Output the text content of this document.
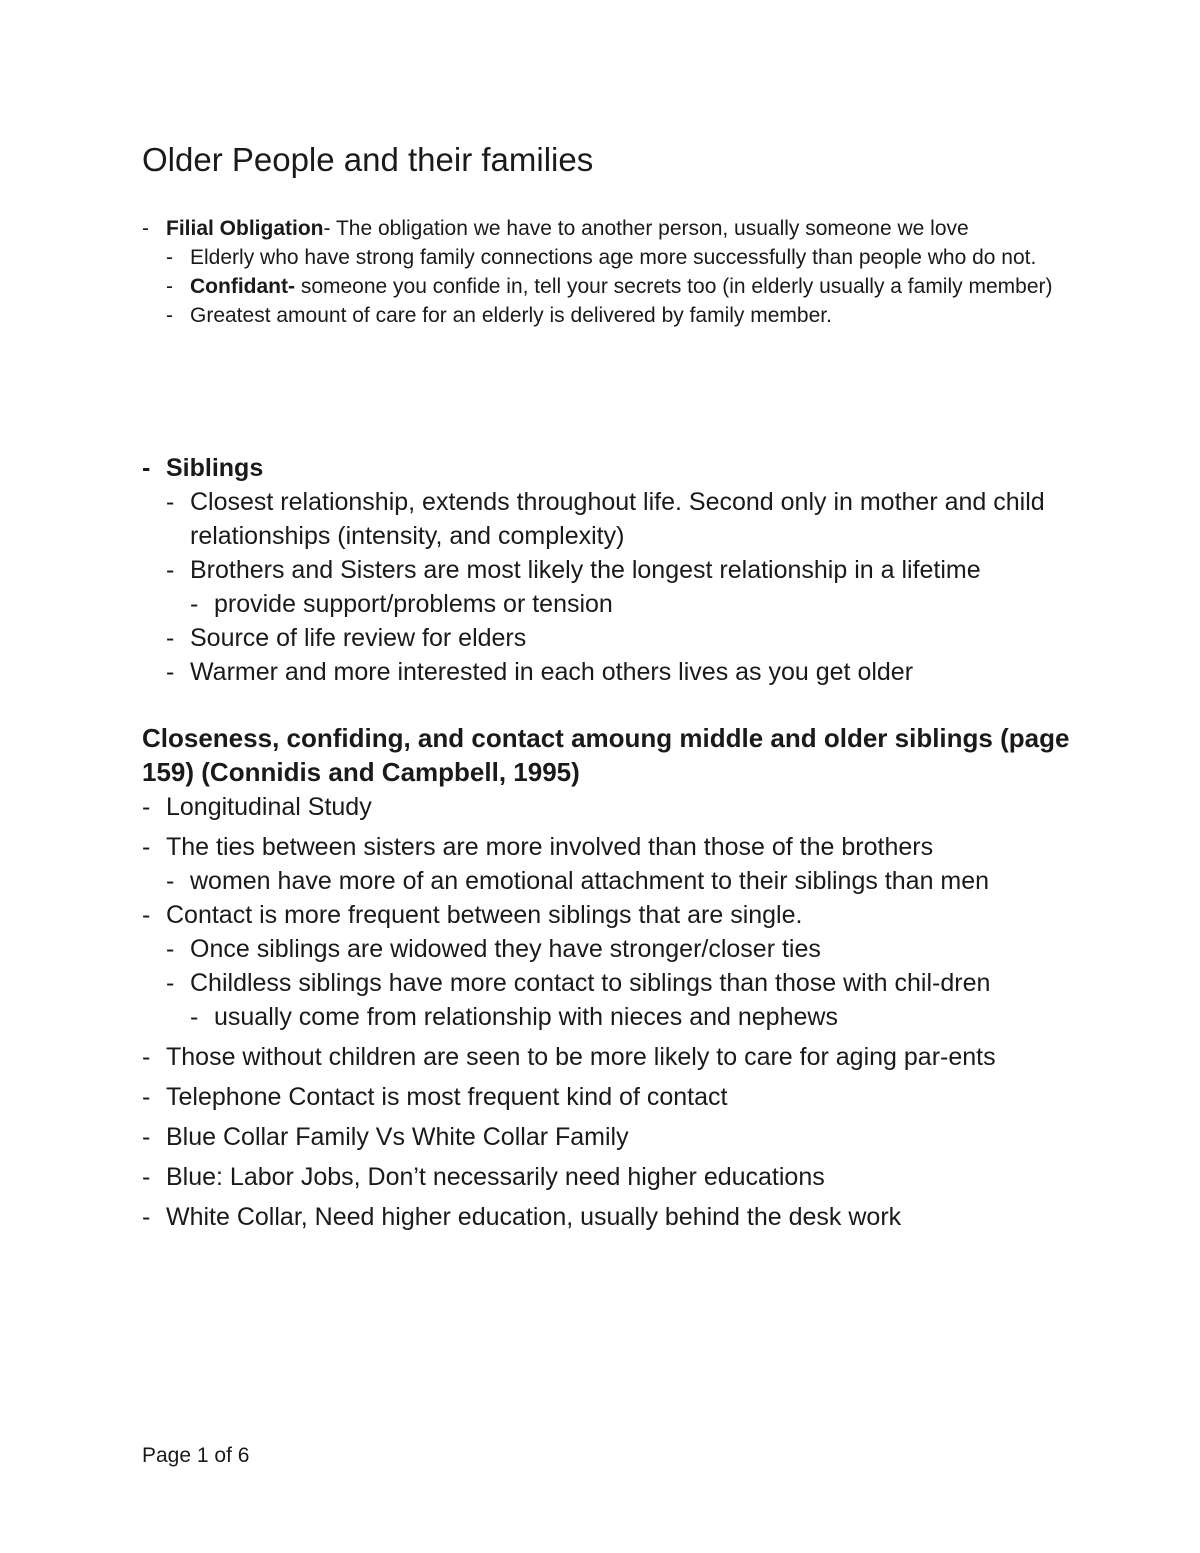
Older People and their families
- Filial Obligation- The obligation we have to another person, usually someone we love
- Elderly who have strong family connections age more successfully than people who do not.
- Confidant- someone you confide in, tell your secrets too (in elderly usually a family member)
- Greatest amount of care for an elderly is delivered by family member.
- Siblings
- Closest relationship, extends throughout life. Second only in mother and child relationships (intensity, and complexity)
- Brothers and Sisters are most likely the longest relationship in a lifetime
- provide support/problems or tension
- Source of life review for elders
- Warmer and more interested in each others lives as you get older
Closeness, confiding, and contact amoung middle and older siblings (page 159) (Connidis and Campbell, 1995)
- Longitudinal Study
- The ties between sisters are more involved than those of the brothers
- women have more of an emotional attachment to their siblings than men
- Contact is more frequent between siblings that are single.
- Once siblings are widowed they have stronger/closer ties
- Childless siblings have more contact to siblings than those with chil-dren
- usually come from relationship with nieces and nephews
- Those without children are seen to be more likely to care for aging par-ents
- Telephone Contact is most frequent kind of contact
- Blue Collar Family Vs White Collar Family
- Blue: Labor Jobs, Don’t necessarily need higher educations
- White Collar, Need higher education, usually behind the desk work
Page 1 of 6
